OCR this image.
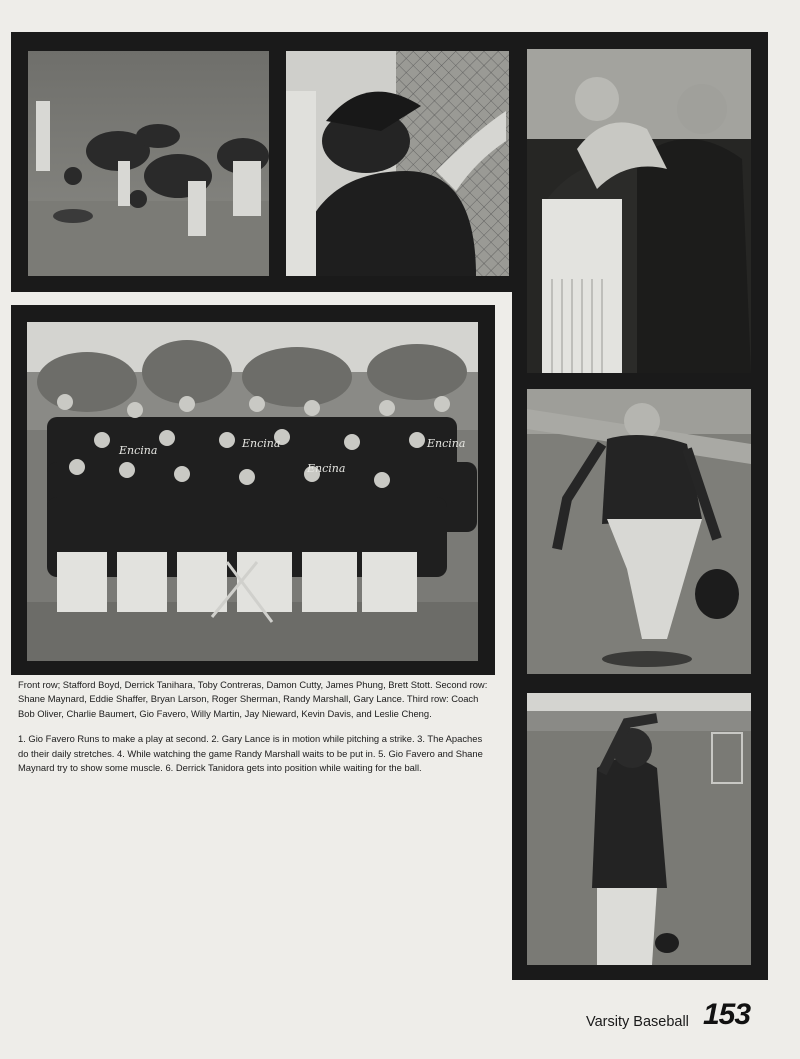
Encina
Encina
Encina
Encina

Front row; Stafford Boyd, Derrick Tanihara, Toby Contreras, Damon Cutty, James Phung, Brett Stott. Second row: Shane Maynard, Eddie Shaffer, Bryan Larson, Roger Sherman, Randy Marshall, Gary Lance. Third row: Coach Bob Oliver, Charlie Baumert, Gio Favero, Willy Martin, Jay Nieward, Kevin Davis, and Leslie Cheng.

1. Gio Favero Runs to make a play at second. 2. Gary Lance is in motion while pitching a strike. 3. The Apaches do their daily stretches. 4. While watching the game Randy Marshall waits to be put in. 5. Gio Favero and Shane Maynard try to show some muscle. 6. Derrick Tanidora gets into position while waiting for the ball.

Varsity Baseball 153
